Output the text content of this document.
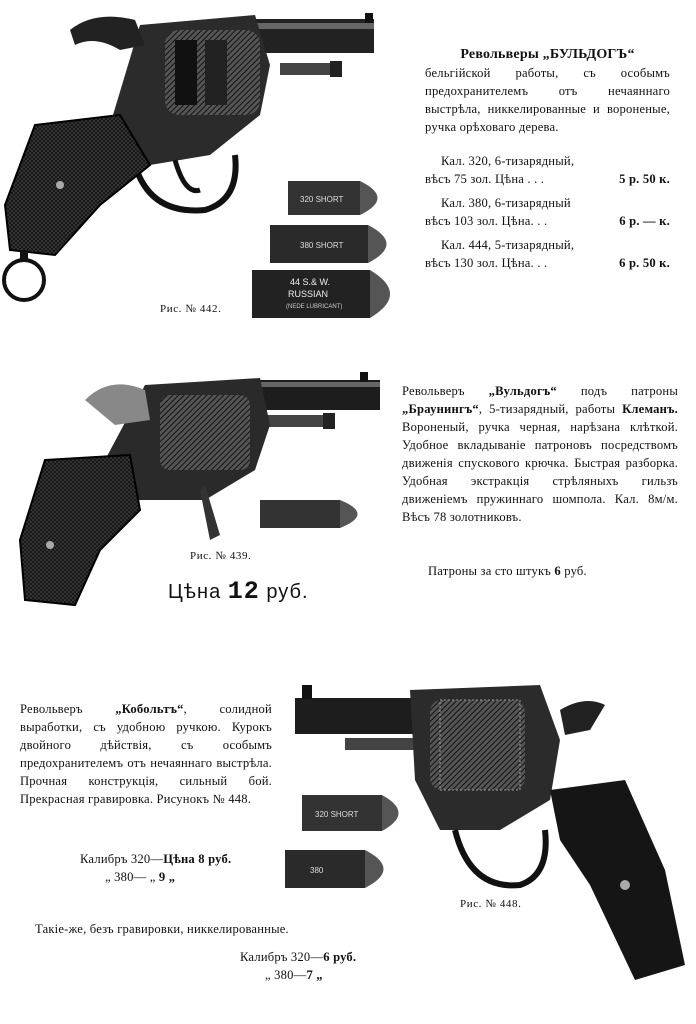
320 SHORT
380 SHORT
44 S.& W.
RUSSIAN
(NEDE LUBRICANT)
Рис. № 442.
Револьверы „БУЛЬДОГЪ“
бельгійской работы, съ особымъ предохранителемъ отъ нечаяннаго выстрѣла, никкелированные и вороненые, ручка орѣховаго дерева.
Кал. 320, 6-тизарядный,
вѣсъ 75 зол. Цѣна . . .	5 р. 50 к.
Кал. 380, 6-тизарядный
вѣсъ 103 зол. Цѣна. . .	6 р. — к.
Кал. 444, 5-тизарядный,
вѣсъ 130 зол. Цѣна. . .	6 р. 50 к.
Рис. № 439.
Цѣна 12 руб.
Револьверъ „Вульдогъ“ подъ патроны „Браунингъ“, 5-тизарядный, работы Клеманъ. Вороненый, ручка черная, нарѣзана клѣткой. Удобное вкладываніе патроновъ посредствомъ движенія спускового крючка. Быстрая разборка. Удобная экстракція стрѣляныхъ гильзъ движеніемъ пружиннаго шомпола. Кал. 8м/м. Вѣсъ 78 золотниковъ.
Патроны за сто штукъ 6 руб.
320 SHORT
380
Рис. № 448.
Револьверъ	„Кобольтъ“, солидной выработки, съ удобною ручкою. Курокъ двойного дѣйствія, съ особымъ предохранителемъ отъ нечаяннаго выстрѣла. Прочная конструкція, сильный бой. Прекрасная гравировка. Рисунокъ № 448.
Калибръ 320—Цѣна 8 руб.
„ 380— „ 9 „
Такіе-же, безъ гравировки, никкелированные.
Калибръ 320—6 руб.
„ 380—7 „
